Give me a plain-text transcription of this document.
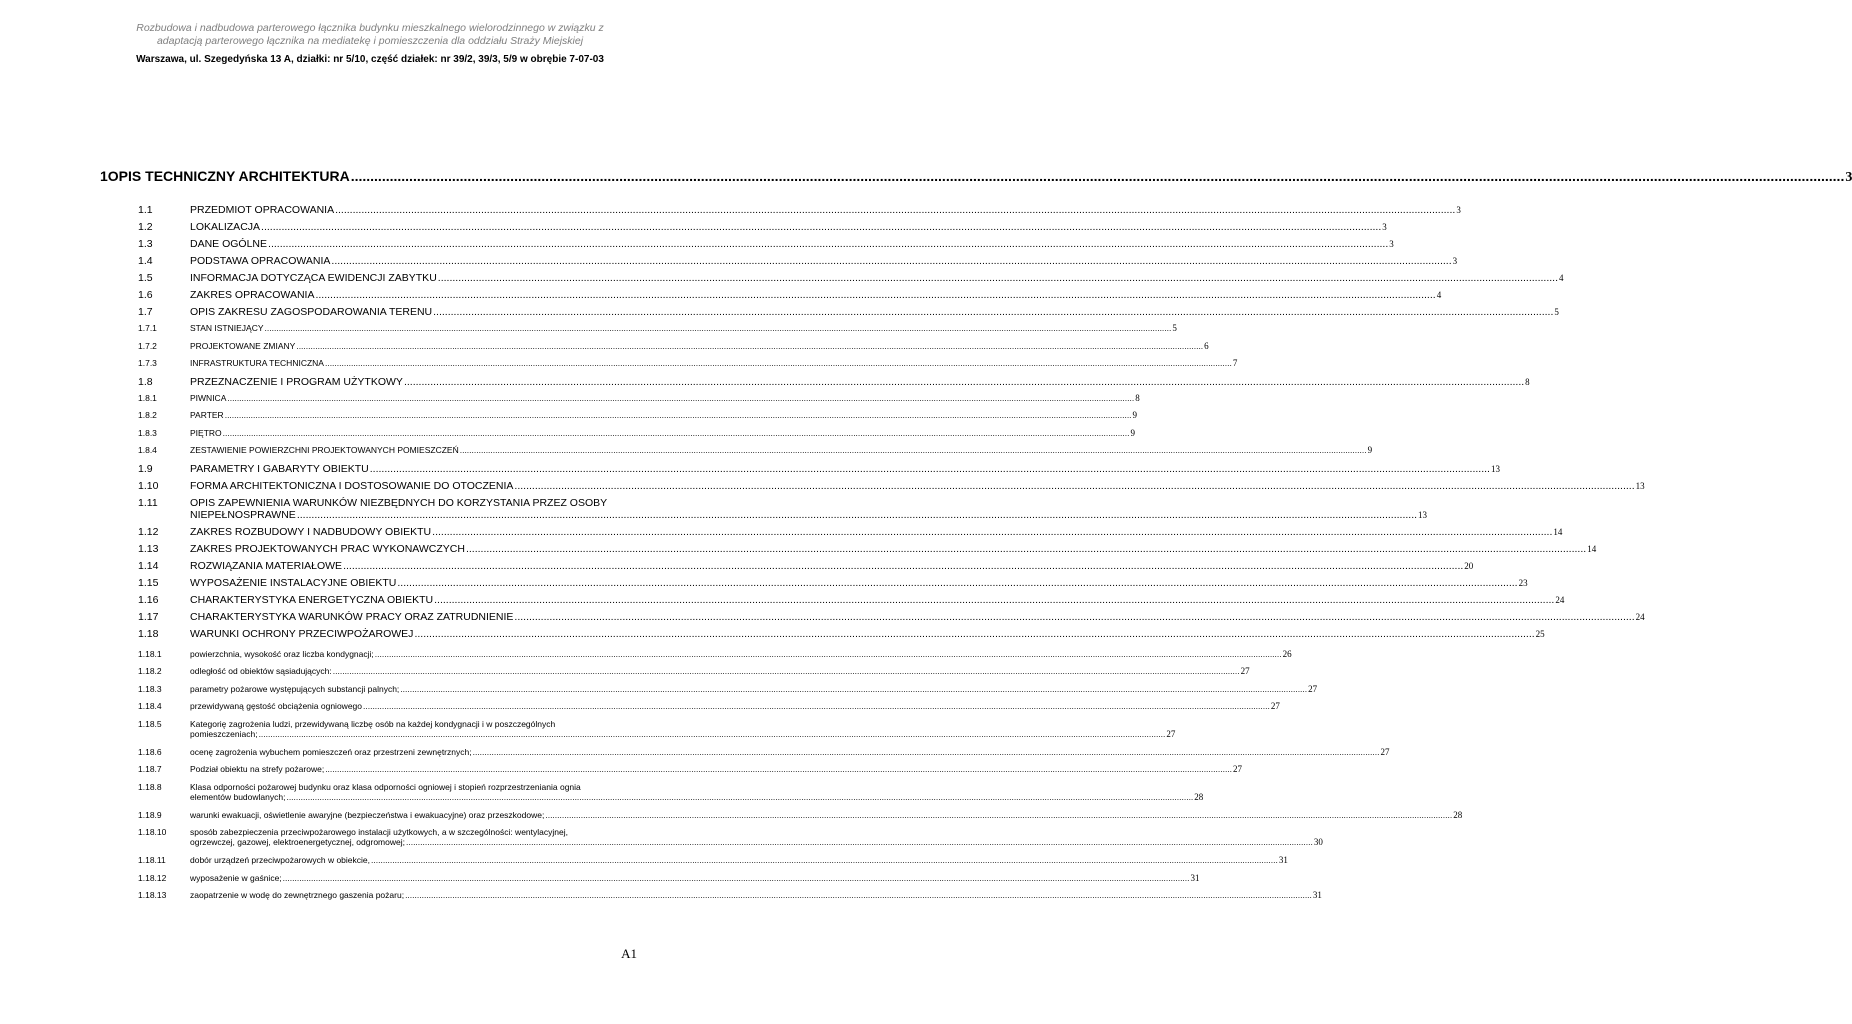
Rozbudowa i nadbudowa parterowego łącznika budynku mieszkalnego wielorodzinnego w związku z
adaptacją parterowego łącznika na mediatekę i pomieszczenia dla oddziału Straży Miejskiej
Warszawa, ul. Szegedyńska 13 A, działki: nr 5/10, część działek: nr 39/2, 39/3, 5/9 w obrębie 7-07-03
1 OPIS TECHNICZNY ARCHITEKTURA .....	3
1.1	PRZEDMIOT OPRACOWANIA .....	3
1.2	LOKALIZACJA .....	3
1.3	DANE OGÓLNE .....	3
1.4	PODSTAWA OPRACOWANIA .....	3
1.5	INFORMACJA DOTYCZĄCA EWIDENCJI ZABYTKU .....	4
1.6	ZAKRES OPRACOWANIA .....	4
1.7	OPIS ZAKRESU ZAGOSPODAROWANIA TERENU .....	5
1.7.1	STAN ISTNIEJĄCY .....	5
1.7.2	PROJEKTOWANE ZMIANY .....	6
1.7.3	INFRASTRUKTURA TECHNICZNA .....	7
1.8	PRZEZNACZENIE I PROGRAM UŻYTKOWY .....	8
1.8.1	PIWNICA .....	8
1.8.2	PARTER .....	9
1.8.3	PIĘTRO .....	9
1.8.4	ZESTAWIENIE POWIERZCHNI PROJEKTOWANYCH POMIESZCZEŃ .....	9
1.9	PARAMETRY I GABARYTY OBIEKTU .....	13
1.10	FORMA ARCHITEKTONICZNA I DOSTOSOWANIE DO OTOCZENIA .....	13
1.11	OPIS ZAPEWNIENIA WARUNKÓW NIEZBĘDNYCH DO KORZYSTANIA PRZEZ OSOBY
NIEPEŁNOSPRAWNE .....	13
1.12	ZAKRES ROZBUDOWY I NADBUDOWY OBIEKTU .....	14
1.13	ZAKRES PROJEKTOWANYCH PRAC WYKONAWCZYCH .....	14
1.14	ROZWIĄZANIA MATERIAŁOWE .....	20
1.15	WYPOSAŻENIE INSTALACYJNE OBIEKTU .....	23
1.16	CHARAKTERYSTYKA ENERGETYCZNA OBIEKTU .....	24
1.17	CHARAKTERYSTYKA WARUNKÓW PRACY ORAZ ZATRUDNIENIE .....	24
1.18	WARUNKI OCHRONY PRZECIWPOŻAROWEJ .....	25
1.18.1	powierzchnia, wysokość oraz liczba kondygnacji; .....	26
1.18.2	odległość od obiektów sąsiadujących: .....	27
1.18.3	parametry pożarowe występujących substancji palnych; .....	27
1.18.4	przewidywaną gęstość obciążenia ogniowego .....	27
1.18.5	Kategorię zagrożenia ludzi, przewidywaną liczbę osób na każdej kondygnacji i w poszczególnych
pomieszczeniach; .....	27
1.18.6	ocenę zagrożenia wybuchem pomieszczeń oraz przestrzeni zewnętrznych; .....	27
1.18.7	Podział obiektu na strefy pożarowe; .....	27
1.18.8	Klasa odporności pożarowej budynku oraz klasa odporności ogniowej i stopień rozprzestrzeniania ognia
elementów budowlanych; .....	28
1.18.9	warunki ewakuacji, oświetlenie awaryjne (bezpieczeństwa i ewakuacyjne) oraz przeszkodowe; .....	28
1.18.10	sposób zabezpieczenia przeciwpożarowego instalacji użytkowych, a w szczególności: wentylacyjnej,
ogrzewczej, gazowej, elektroenergetycznej, odgromowej; .....	30
1.18.11	dobór urządzeń przeciwpożarowych w obiekcie, .....	31
1.18.12	wyposażenie w gaśnice; .....	31
1.18.13	zaopatrzenie w wodę do zewnętrznego gaszenia pożaru; .....	31
A1
